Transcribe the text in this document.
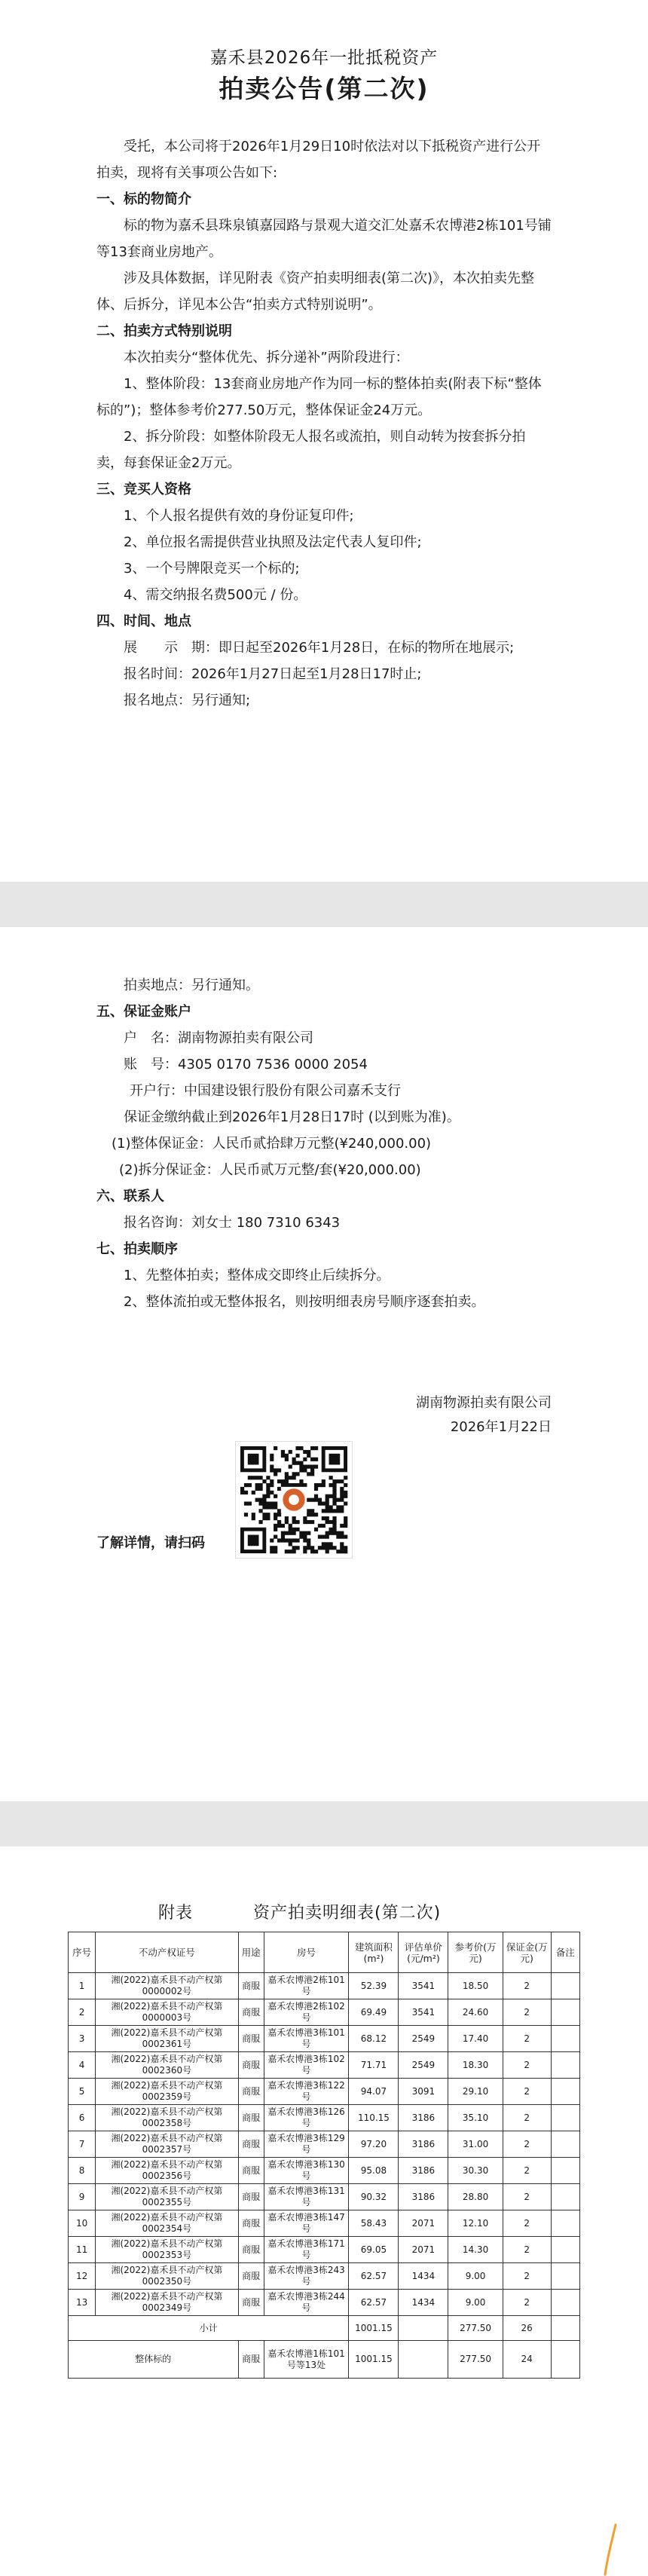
嘉禾县2026年一批抵税资产
拍卖公告(第二次)
受托，本公司将于2026年1月29日10时依法对以下抵税资产进行公开拍卖，现将有关事项公告如下:
一、标的物简介
标的物为嘉禾县珠泉镇嘉园路与景观大道交汇处嘉禾农博港2栋101号铺等13套商业房地产。
涉及具体数据，详见附表《资产拍卖明细表(第二次)》，本次拍卖先整体、后拆分，详见本公告“拍卖方式特别说明”。
二、拍卖方式特别说明
本次拍卖分“整体优先、拆分递补”两阶段进行：
1、整体阶段：13套商业房地产作为同一标的整体拍卖(附表下标“整体标的”)；整体参考价277.50万元，整体保证金24万元。
2、拆分阶段：如整体阶段无人报名或流拍，则自动转为按套拆分拍卖，每套保证金2万元。
三、竞买人资格
1、个人报名提供有效的身份证复印件;
2、单位报名需提供营业执照及法定代表人复印件;
3、一个号牌限竞买一个标的;
4、需交纳报名费500元 / 份。
四、时间、地点
展　　示　期：即日起至2026年1月28日，在标的物所在地展示;
报名时间：2026年1月27日起至1月28日17时止;
报名地点：另行通知;
拍卖地点：另行通知。
五、保证金账户
户　名：湖南物源拍卖有限公司
账　号：4305 0170 7536 0000 2054
开户行：中国建设银行股份有限公司嘉禾支行
保证金缴纳截止到2026年1月28日17时 (以到账为准)。
(1)整体保证金：人民币贰拾肆万元整(¥240,000.00)
(2)拆分保证金：人民币贰万元整/套(¥20,000.00)
六、联系人
报名咨询：刘女士 180 7310 6343
七、拍卖顺序
1、先整体拍卖；整体成交即终止后续拆分。
2、整体流拍或无整体报名，则按明细表房号顺序逐套拍卖。
湖南物源拍卖有限公司
2026年1月22日
了解详情，请扫码
附表	资产拍卖明细表(第二次)
序号	不动产权证号	用途	房号	建筑面积(m²)	评估单价(元/m²)	参考价(万元)	保证金(万元)	备注
1	湘(2022)嘉禾县不动产权第0000002号	商服	嘉禾农博港2栋101号	52.39	3541	18.50	2	
2	湘(2022)嘉禾县不动产权第0000003号	商服	嘉禾农博港2栋102号	69.49	3541	24.60	2	
3	湘(2022)嘉禾县不动产权第0002361号	商服	嘉禾农博港3栋101号	68.12	2549	17.40	2	
4	湘(2022)嘉禾县不动产权第0002360号	商服	嘉禾农博港3栋102号	71.71	2549	18.30	2	
5	湘(2022)嘉禾县不动产权第0002359号	商服	嘉禾农博港3栋122号	94.07	3091	29.10	2	
6	湘(2022)嘉禾县不动产权第0002358号	商服	嘉禾农博港3栋126号	110.15	3186	35.10	2	
7	湘(2022)嘉禾县不动产权第0002357号	商服	嘉禾农博港3栋129号	97.20	3186	31.00	2	
8	湘(2022)嘉禾县不动产权第0002356号	商服	嘉禾农博港3栋130号	95.08	3186	30.30	2	
9	湘(2022)嘉禾县不动产权第0002355号	商服	嘉禾农博港3栋131号	90.32	3186	28.80	2	
10	湘(2022)嘉禾县不动产权第0002354号	商服	嘉禾农博港3栋147号	58.43	2071	12.10	2	
11	湘(2022)嘉禾县不动产权第0002353号	商服	嘉禾农博港3栋171号	69.05	2071	14.30	2	
12	湘(2022)嘉禾县不动产权第0002350号	商服	嘉禾农博港3栋243号	62.57	1434	9.00	2	
13	湘(2022)嘉禾县不动产权第0002349号	商服	嘉禾农博港3栋244号	62.57	1434	9.00	2	
小计				1001.15		277.50	26	
整体标的		商服	嘉禾农博港1栋101号等13处	1001.15		277.50	24	
